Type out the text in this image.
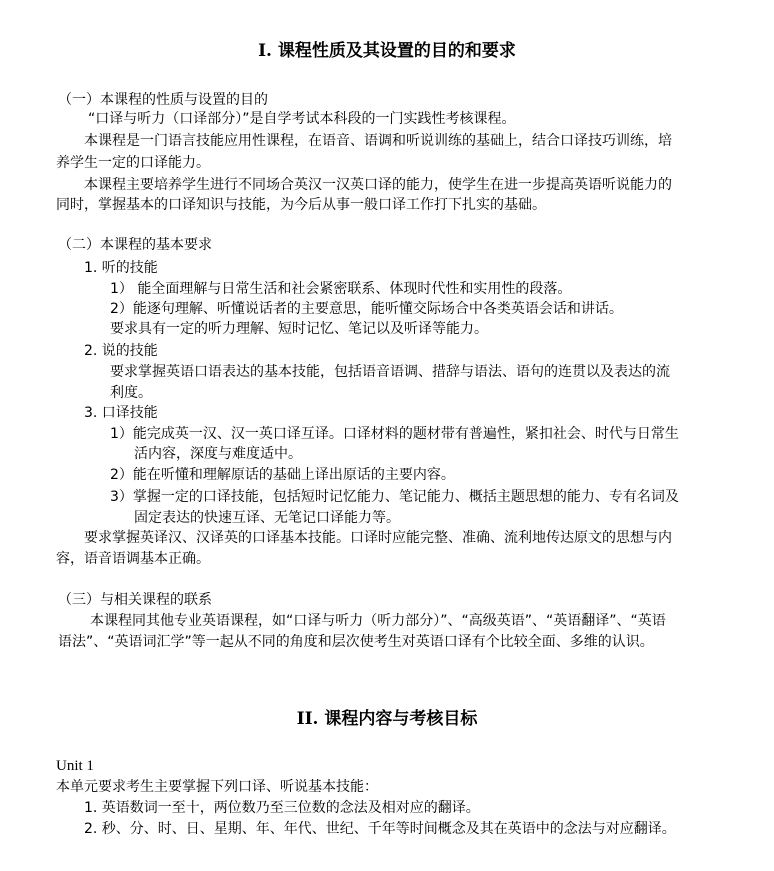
I. 课程性质及其设置的目的和要求
（一）本课程的性质与设置的目的
“口译与听力（口译部分）”是自学考试本科段的一门实践性考核课程。
本课程是一门语言技能应用性课程，在语音、语调和听说训练的基础上，结合口译技巧训练，培
养学生一定的口译能力。
本课程主要培养学生进行不同场合英汉一汉英口译的能力，使学生在进一步提高英语听说能力的
同时，掌握基本的口译知识与技能，为今后从事一般口译工作打下扎实的基础。
（二）本课程的基本要求
1. 听的技能
1） 能全面理解与日常生活和社会紧密联系、体现时代性和实用性的段落。
2）能逐句理解、听懂说话者的主要意思，能听懂交际场合中各类英语会话和讲话。
要求具有一定的听力理解、短时记忆、笔记以及听译等能力。
2. 说的技能
要求掌握英语口语表达的基本技能，包括语音语调、措辞与语法、语句的连贯以及表达的流
利度。
3. 口译技能
1）能完成英一汉、汉一英口译互译。口译材料的题材带有普遍性，紧扣社会、时代与日常生
活内容，深度与难度适中。
2）能在听懂和理解原话的基础上译出原话的主要内容。
3）掌握一定的口译技能，包括短时记忆能力、笔记能力、概括主题思想的能力、专有名词及
固定表达的快速互译、无笔记口译能力等。
要求掌握英译汉、汉译英的口译基本技能。口译时应能完整、准确、流利地传达原文的思想与内
容，语音语调基本正确。
（三）与相关课程的联系
本课程同其他专业英语课程，如“口译与听力（听力部分）”、“高级英语”、“英语翻译”、“英语
语法”、“英语词汇学”等一起从不同的角度和层次使考生对英语口译有个比较全面、多维的认识。
II. 课程内容与考核目标
Unit 1
本单元要求考生主要掌握下列口译、听说基本技能：
1. 英语数词一至十，两位数乃至三位数的念法及相对应的翻译。
2. 秒、分、时、日、星期、年、年代、世纪、千年等时间概念及其在英语中的念法与对应翻译。
